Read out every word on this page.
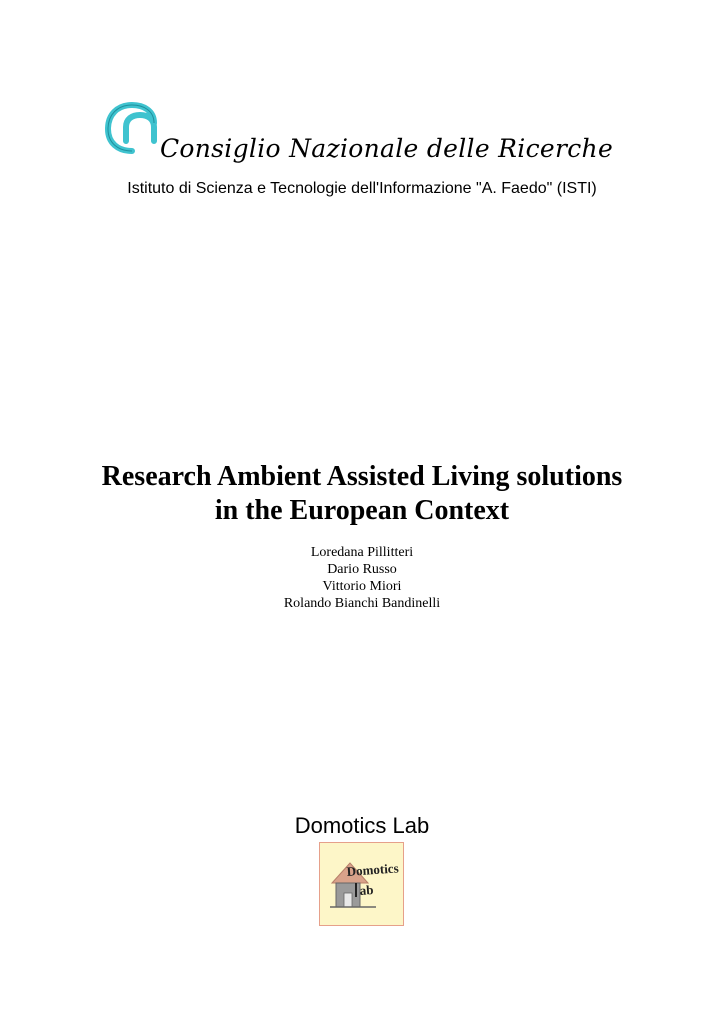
Consiglio Nazionale delle Ricerche
Istituto di Scienza e Tecnologie dell'Informazione "A. Faedo" (ISTI)
Research Ambient Assisted Living solutions
in the European Context
Loredana Pillitteri
Dario Russo
Vittorio Miori
Rolando Bianchi Bandinelli
Domotics Lab
Domotics
ab
